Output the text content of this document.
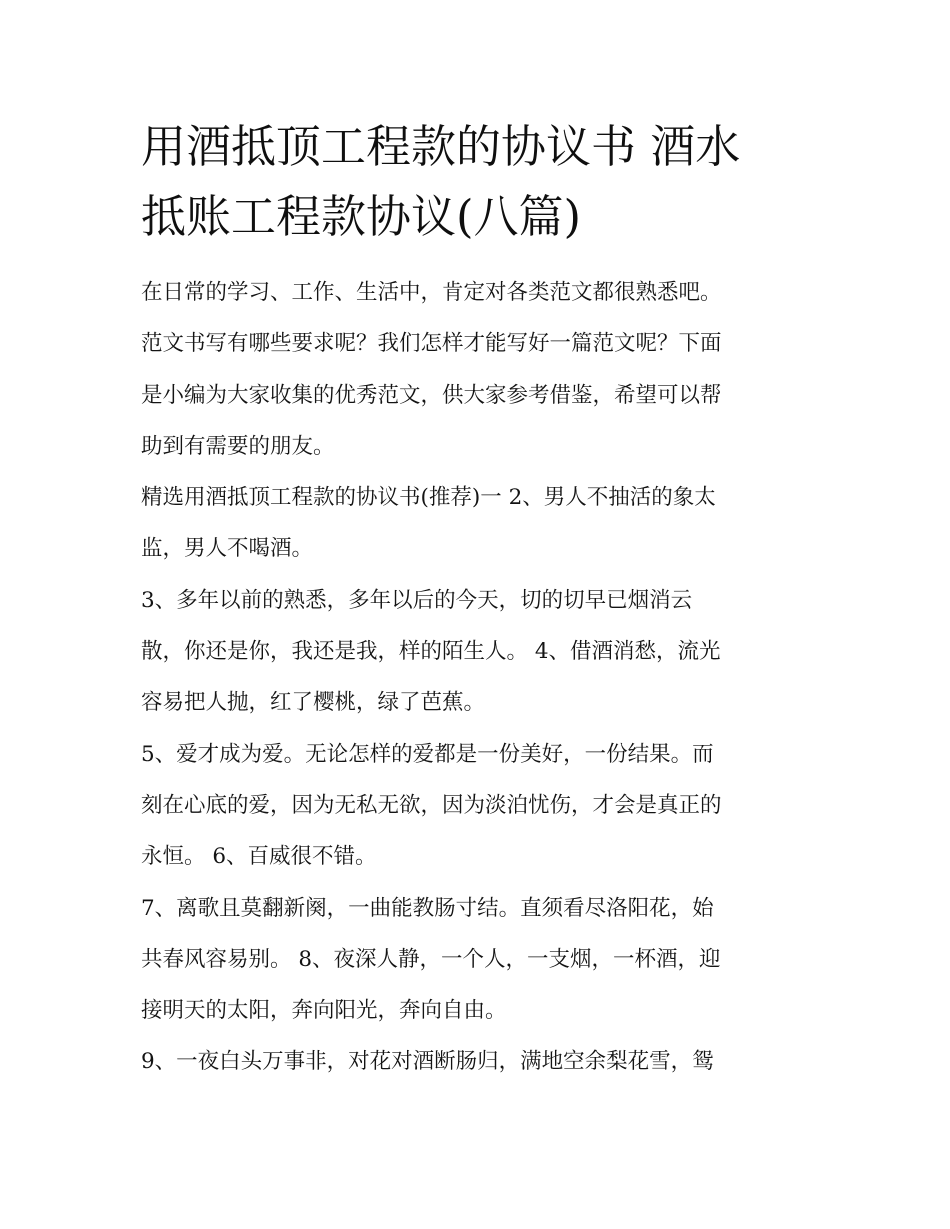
用酒抵顶工程款的协议书 酒水
抵账工程款协议(八篇)
在日常的学习、工作、生活中，肯定对各类范文都很熟悉吧。
范文书写有哪些要求呢？我们怎样才能写好一篇范文呢？下面
是小编为大家收集的优秀范文，供大家参考借鉴，希望可以帮
助到有需要的朋友。
精选用酒抵顶工程款的协议书(推荐)一 2、男人不抽活的象太
监，男人不喝酒。
3、多年以前的熟悉，多年以后的今天，切的切早已烟消云
散，你还是你，我还是我，样的陌生人。 4、借酒消愁，流光
容易把人抛，红了樱桃，绿了芭蕉。
5、爱才成为爱。无论怎样的爱都是一份美好，一份结果。而
刻在心底的爱，因为无私无欲，因为淡泊忧伤，才会是真正的
永恒。 6、百威很不错。
7、离歌且莫翻新阕，一曲能教肠寸结。直须看尽洛阳花，始
共春风容易别。 8、夜深人静，一个人，一支烟，一杯酒，迎
接明天的太阳，奔向阳光，奔向自由。
9、一夜白头万事非，对花对酒断肠归，满地空余梨花雪，鸳
